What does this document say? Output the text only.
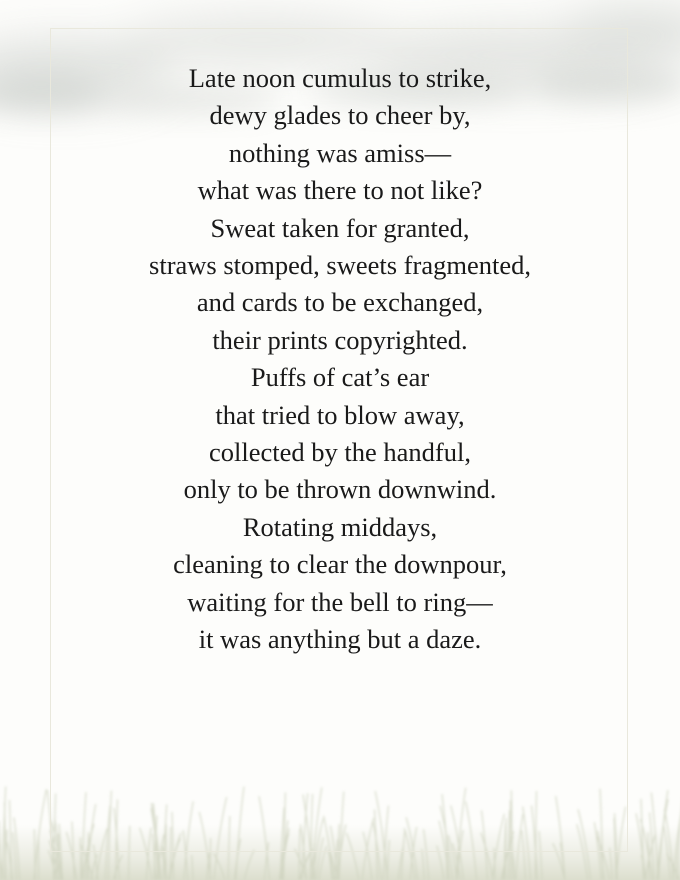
Late noon cumulus to strike,
dewy glades to cheer by,
nothing was amiss—
what was there to not like?
Sweat taken for granted,
straws stomped, sweets fragmented,
and cards to be exchanged,
their prints copyrighted.
Puffs of cat’s ear
that tried to blow away,
collected by the handful,
only to be thrown downwind.
Rotating middays,
cleaning to clear the downpour,
waiting for the bell to ring—
it was anything but a daze.
